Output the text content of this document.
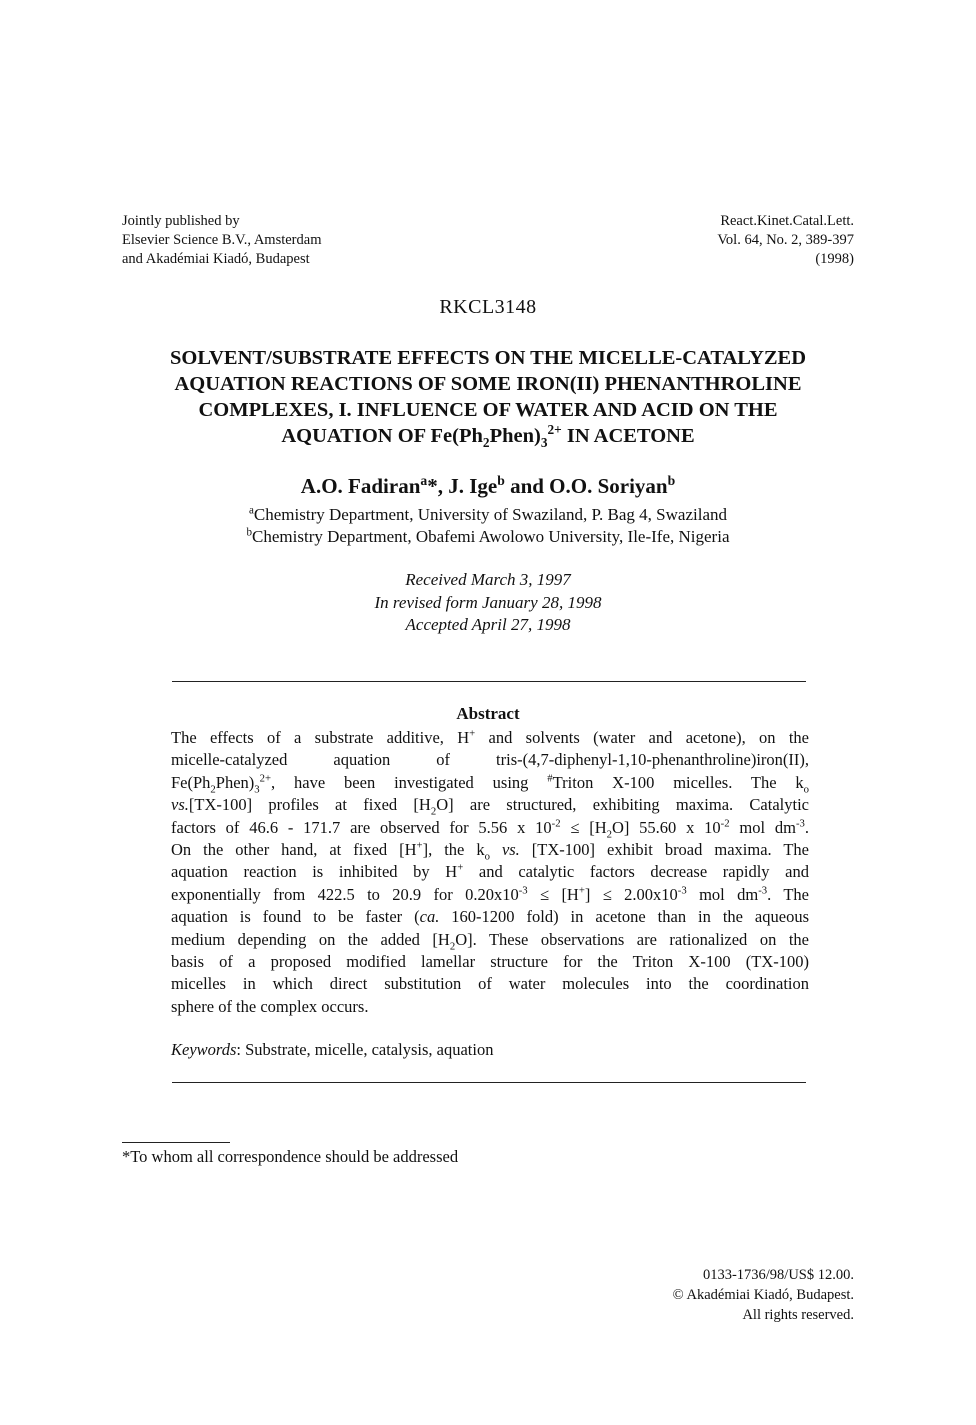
Jointly published by
Elsevier Science B.V., Amsterdam
and Akadémiai Kiadó, Budapest
React.Kinet.Catal.Lett.
Vol. 64, No. 2, 389-397
(1998)
RKCL3148
SOLVENT/SUBSTRATE EFFECTS ON THE MICELLE-CATALYZED
AQUATION REACTIONS OF SOME IRON(II) PHENANTHROLINE
COMPLEXES, I. INFLUENCE OF WATER AND ACID ON THE
AQUATION OF $Fe(Ph_2Phen)_3^{2+}$ IN ACETONE
A.O. Fadiran$^a$*, J. Ige$^b$ and O.O. Soriyan$^b$
$^a$Chemistry Department, University of Swaziland, P. Bag 4, Swaziland
$^b$Chemistry Department, Obafemi Awolowo University, Ile-Ife, Nigeria
Received March 3, 1997
In revised form January 28, 1998
Accepted April 27, 1998
Abstract
The effects of a substrate additive, H+ and solvents (water and acetone), on the
micelle-catalyzed aquation of tris-(4,7-diphenyl-1,10-phenanthroline)iron(II),
$Fe(Ph_2Phen)_3^{2+}$, have been investigated using #Triton X-100 micelles. The $k_o$
vs.[TX-100] profiles at fixed $[H_2O]$ are structured, exhibiting maxima. Catalytic
factors of 46.6 - 171.7 are observed for 5.56 x $10^{-2} \le [H_2O]$ 55.60 x $10^{-2}$ mol $dm^{-3}$.
On the other hand, at fixed [H+], the $k_o$ vs. [TX-100] exhibit broad maxima. The
aquation reaction is inhibited by H+ and catalytic factors decrease rapidly and
exponentially from 422.5 to 20.9 for $0.20x10^{-3} \le [H^+] \le 2.00x10^{-3}$ mol $dm^{-3}$. The
aquation is found to be faster (ca. 160-1200 fold) in acetone than in the aqueous
medium depending on the added $[H_2O]$. These observations are rationalized on the
basis of a proposed modified lamellar structure for the Triton X-100 (TX-100)
micelles in which direct substitution of water molecules into the coordination
sphere of the complex occurs.
Keywords: Substrate, micelle, catalysis, aquation
*To whom all correspondence should be addressed
0133-1736/98/US$ 12.00.
© Akadémiai Kiadó, Budapest.
All rights reserved.
